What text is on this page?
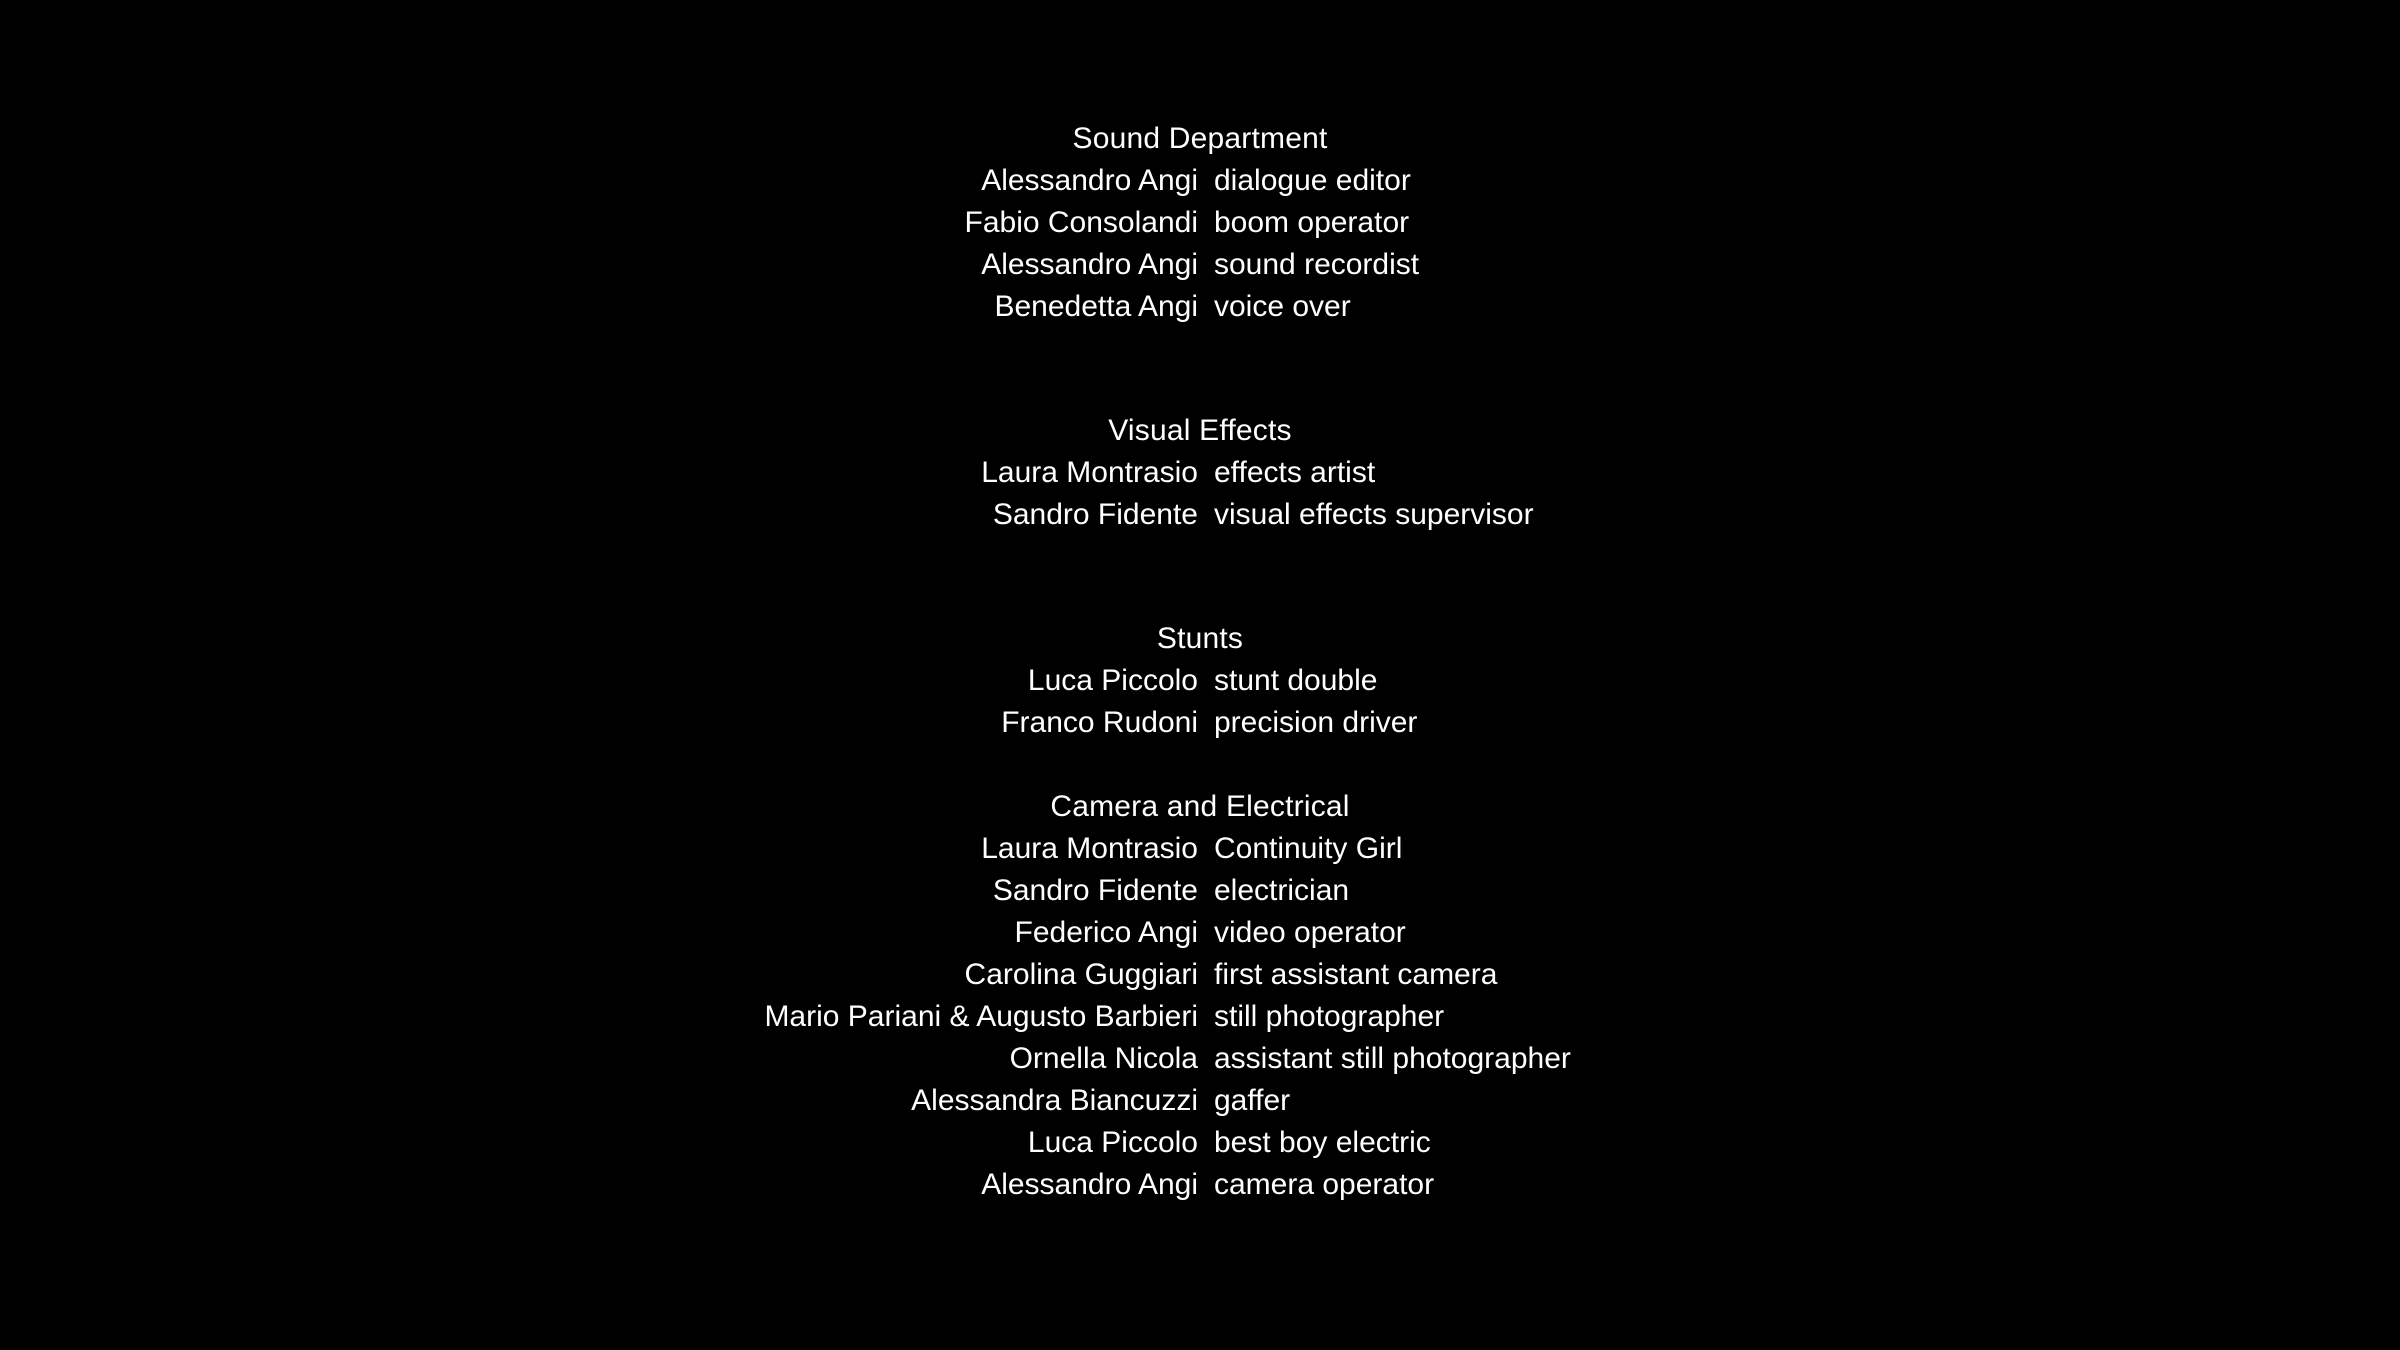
Sound Department
Alessandro Angi dialogue editor
Fabio Consolandi boom operator
Alessandro Angi sound recordist
Benedetta Angi voice over
Visual Effects
Laura Montrasio effects artist
Sandro Fidente visual effects supervisor
Stunts
Luca Piccolo stunt double
Franco Rudoni precision driver
Camera and Electrical
Laura Montrasio Continuity Girl
Sandro Fidente electrician
Federico Angi video operator
Carolina Guggiari first assistant camera
Mario Pariani & Augusto Barbieri still photographer
Ornella Nicola assistant still photographer
Alessandra Biancuzzi gaffer
Luca Piccolo best boy electric
Alessandro Angi camera operator
